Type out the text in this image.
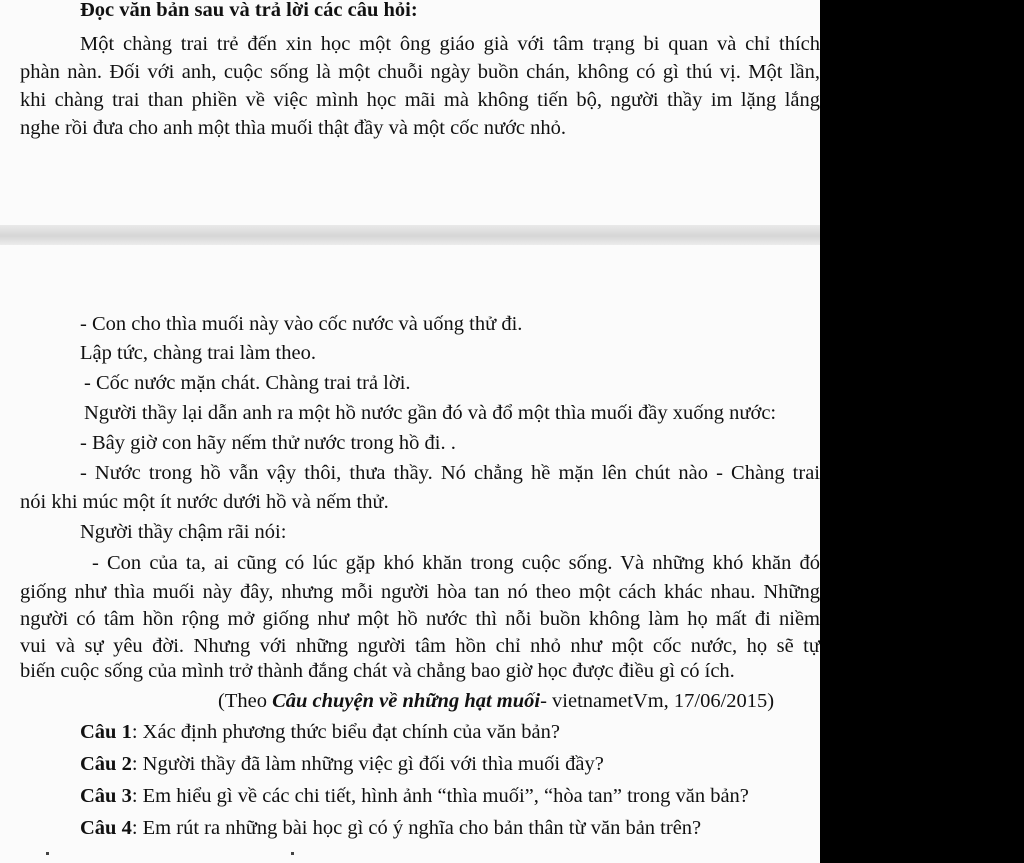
Đọc văn bản sau và trả lời các câu hỏi:
Một chàng trai trẻ đến xin học một ông giáo già với tâm trạng bi quan và chỉ thích
phàn nàn. Đối với anh, cuộc sống là một chuỗi ngày buồn chán, không có gì thú vị. Một lần,
khi chàng trai than phiền về việc mình học mãi mà không tiến bộ, người thầy im lặng lắng
nghe rồi đưa cho anh một thìa muối thật đầy và một cốc nước nhỏ.
- Con cho thìa muối này vào cốc nước và uống thử đi.
Lập tức, chàng trai làm theo.
- Cốc nước mặn chát. Chàng trai trả lời.
Người thầy lại dẫn anh ra một hồ nước gần đó và đổ một thìa muối đầy xuống nước:
- Bây giờ con hãy nếm thử nước trong hồ đi. .
- Nước trong hồ vẫn vậy thôi, thưa thầy. Nó chẳng hề mặn lên chút nào - Chàng trai
nói khi múc một ít nước dưới hồ và nếm thử.
Người thầy chậm rãi nói:
- Con của ta, ai cũng có lúc gặp khó khăn trong cuộc sống. Và những khó khăn đó
giống như thìa muối này đây, nhưng mỗi người hòa tan nó theo một cách khác nhau. Những
người có tâm hồn rộng mở giống như một hồ nước thì nỗi buồn không làm họ mất đi niềm
vui và sự yêu đời. Nhưng với những người tâm hồn chỉ nhỏ như một cốc nước, họ sẽ tự
biến cuộc sống của mình trở thành đắng chát và chẳng bao giờ học được điều gì có ích.
(Theo Câu chuyện về những hạt muối- vietnametVm, 17/06/2015)
Câu 1: Xác định phương thức biểu đạt chính của văn bản?
Câu 2: Người thầy đã làm những việc gì đối với thìa muối đầy?
Câu 3: Em hiểu gì về các chi tiết, hình ảnh “thìa muối”, “hòa tan” trong văn bản?
Câu 4: Em rút ra những bài học gì có ý nghĩa cho bản thân từ văn bản trên?
